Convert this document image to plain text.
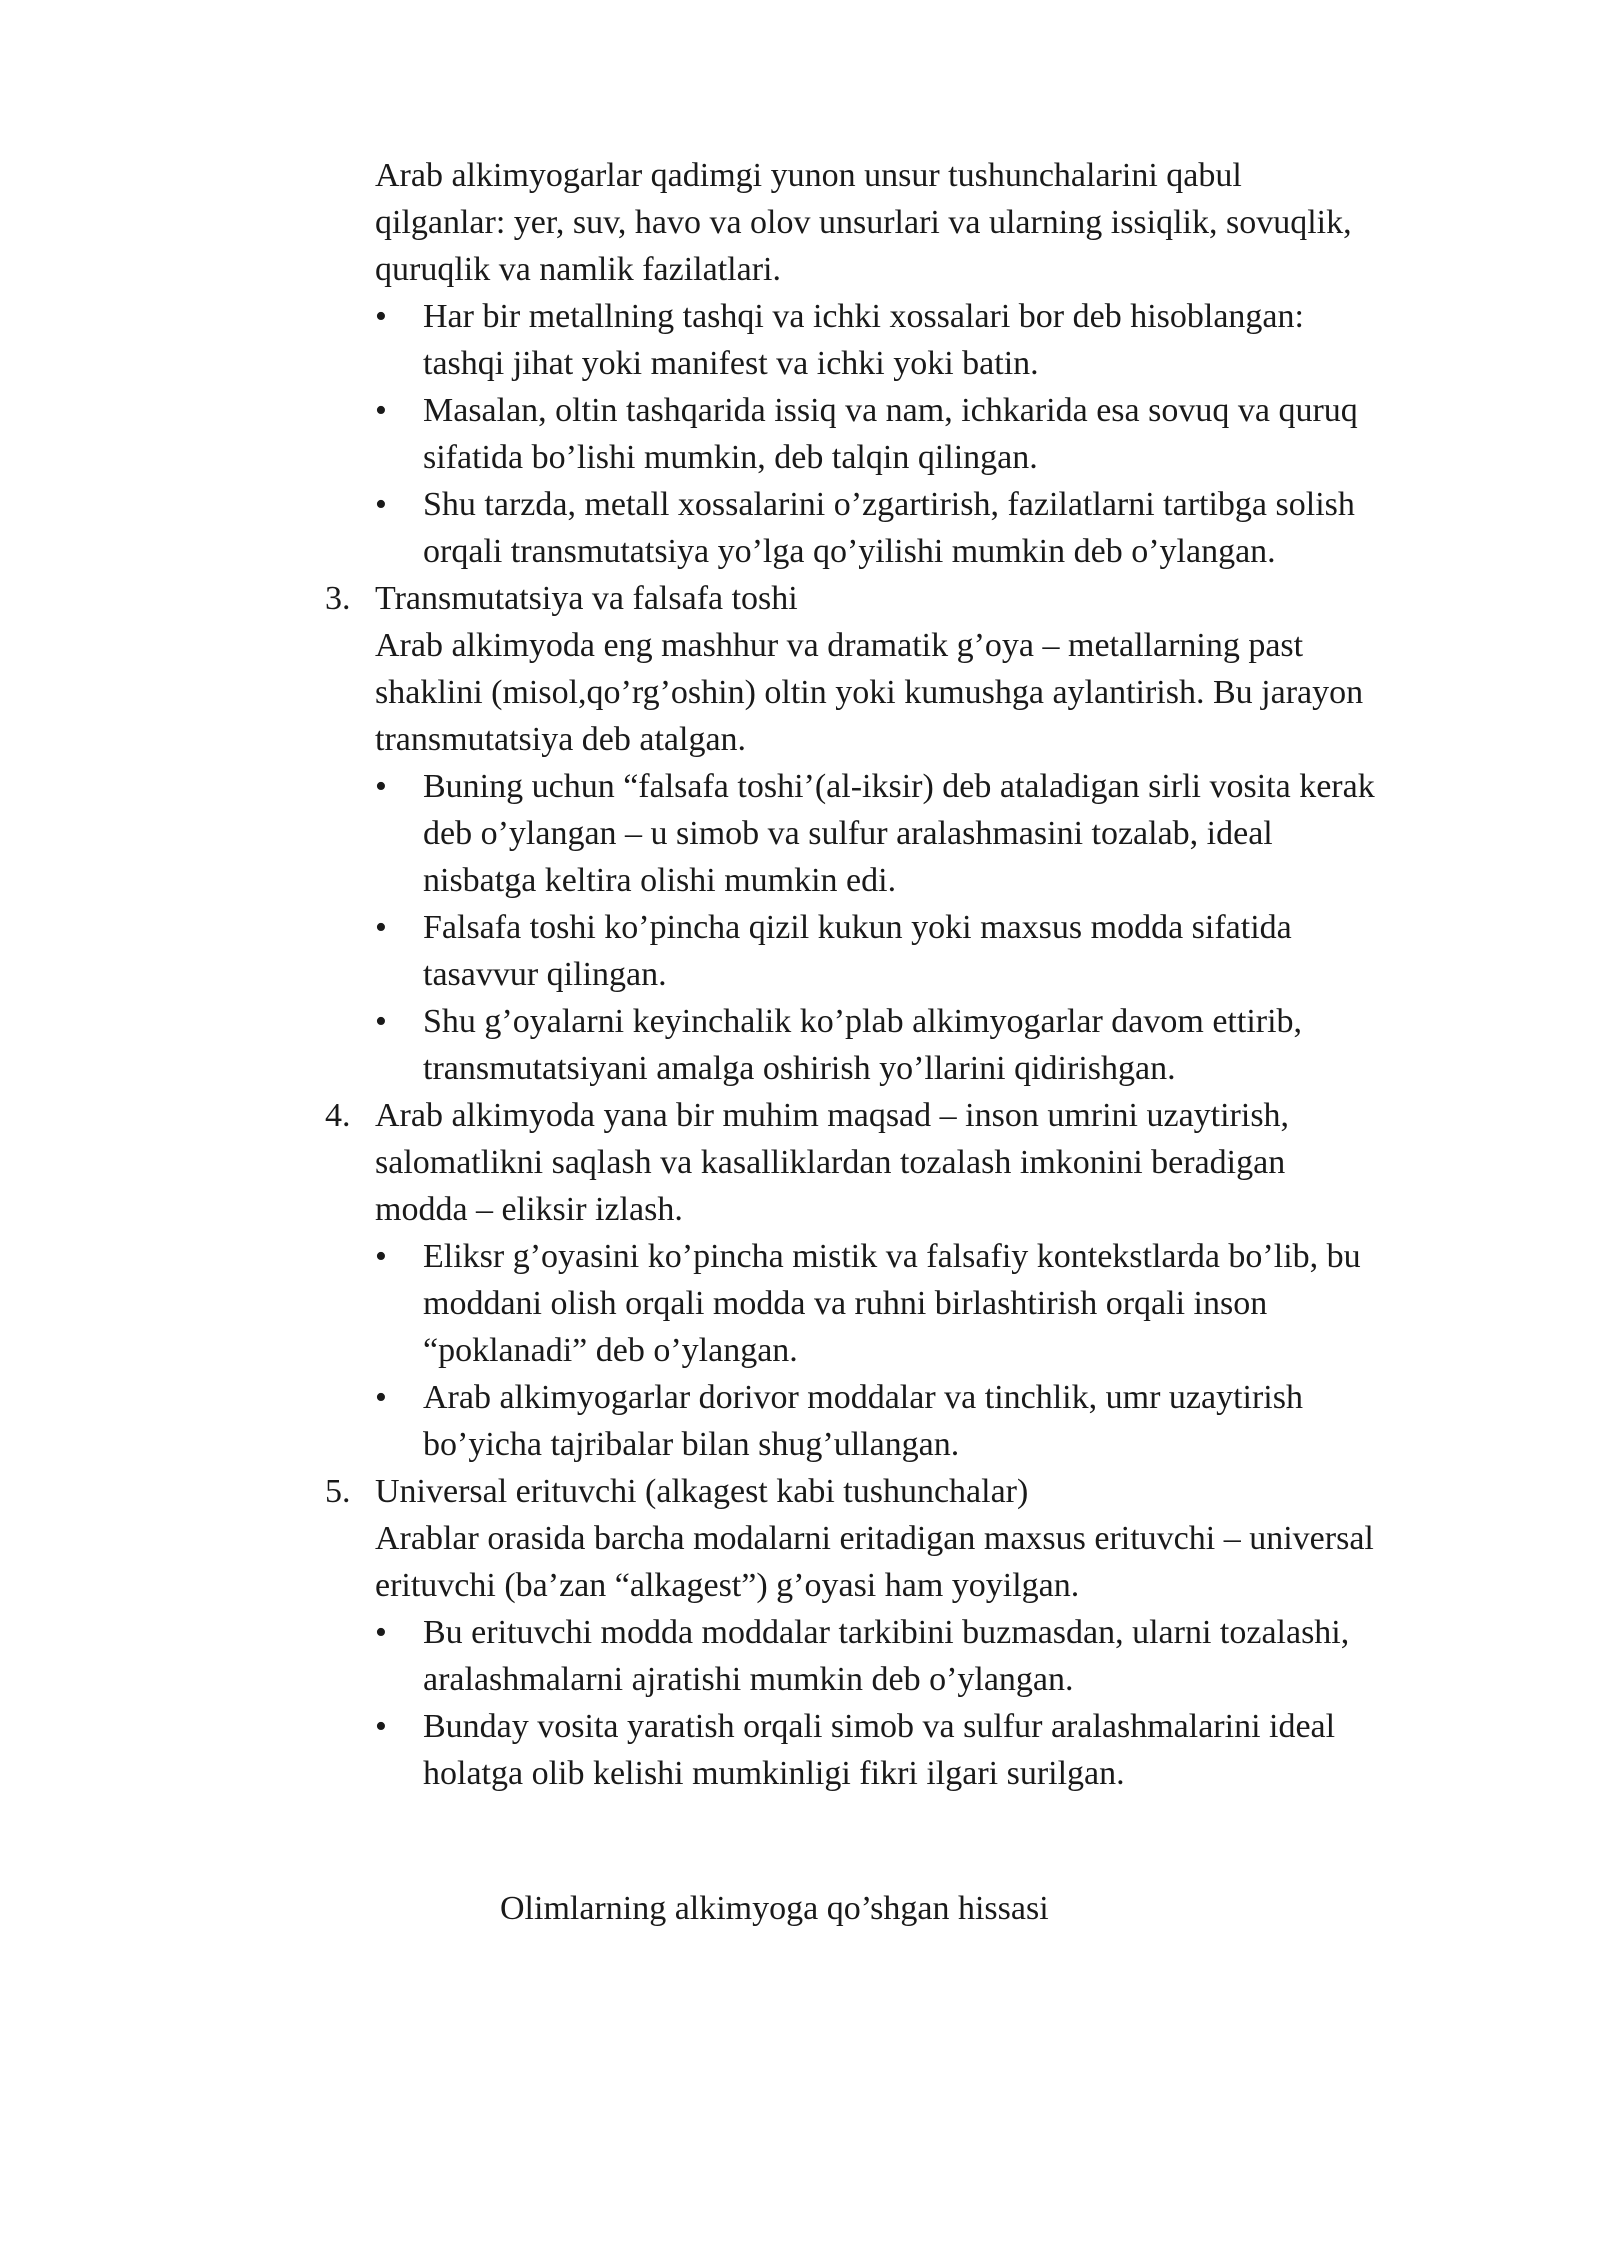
Arab alkimyogarlar qadimgi yunon unsur tushunchalarini qabul
qilganlar: yer, suv, havo va olov unsurlari va ularning issiqlik, sovuqlik,
quruqlik va namlik fazilatlari.

•	Har bir metallning tashqi va ichki xossalari bor deb hisoblangan:
tashqi jihat yoki manifest va ichki yoki batin.
•	Masalan, oltin tashqarida issiq va nam, ichkarida esa sovuq va quruq
sifatida bo’lishi mumkin, deb talqin qilingan.
•	Shu tarzda, metall xossalarini o’zgartirish, fazilatlarni tartibga solish
orqali transmutatsiya yo’lga qo’yilishi mumkin deb o’ylangan.
3. Transmutatsiya va falsafa toshi
Arab alkimyoda eng mashhur va dramatik g’oya – metallarning past
shaklini (misol,qo’rg’oshin) oltin yoki kumushga aylantirish. Bu jarayon
transmutatsiya deb atalgan.
•	Buning uchun “falsafa toshi’(al-iksir) deb ataladigan sirli vosita kerak
deb o’ylangan – u simob va sulfur aralashmasini tozalab, ideal
nisbatga keltira olishi mumkin edi.
•	Falsafa toshi ko’pincha qizil kukun yoki maxsus modda sifatida
tasavvur qilingan.
•	Shu g’oyalarni keyinchalik ko’plab alkimyogarlar davom ettirib,
transmutatsiyani amalga oshirish yo’llarini qidirishgan.
4. Arab alkimyoda yana bir muhim maqsad – inson umrini uzaytirish,
salomatlikni saqlash va kasalliklardan tozalash imkonini beradigan
modda – eliksir izlash.
•	Eliksr g’oyasini ko’pincha mistik va falsafiy kontekstlarda bo’lib, bu
moddani olish orqali modda va ruhni birlashtirish orqali inson
“poklanadi” deb o’ylangan.
•	Arab alkimyogarlar dorivor moddalar va tinchlik, umr uzaytirish
bo’yicha tajribalar bilan shug’ullangan.
5. Universal erituvchi (alkagest kabi tushunchalar)
Arablar orasida barcha modalarni eritadigan maxsus erituvchi – universal
erituvchi (ba’zan “alkagest”) g’oyasi ham yoyilgan.
•	Bu erituvchi modda moddalar tarkibini buzmasdan, ularni tozalashi,
aralashmalarni ajratishi mumkin deb o’ylangan.
•	Bunday vosita yaratish orqali simob va sulfur aralashmalarini ideal
holatga olib kelishi mumkinligi fikri ilgari surilgan.
Olimlarning alkimyoga qo’shgan hissasi
